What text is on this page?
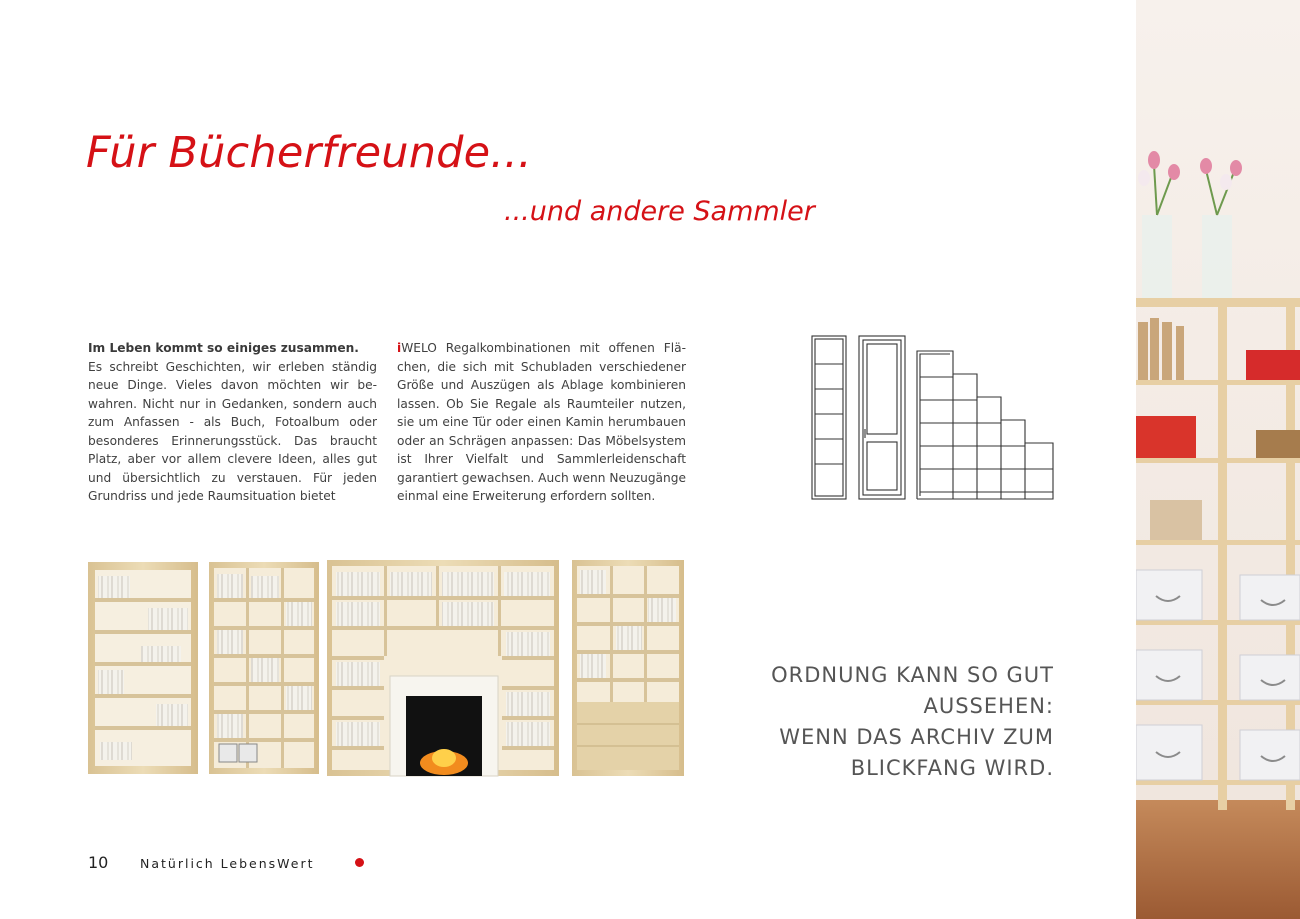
Für Bücherfreunde...
...und andere Sammler
Im Leben kommt so einiges zusammen.
Es schreibt Geschichten, wir erleben ständig neue Dinge. Vieles davon möchten wir bewahren. Nicht nur in Gedanken, sondern auch zum Anfassen - als Buch, Fotoalbum oder besonderes Erinnerungsstück. Das braucht Platz, aber vor allem clevere Ideen, alles gut und übersichtlich zu verstauen. Für jeden Grundriss und jede Raumsituation bietet
iWELO Regalkombinationen mit offenen Flächen, die sich mit Schubladen verschiedener Größe und Auszügen als Ablage kombinieren lassen. Ob Sie Regale als Raumteiler nutzen, sie um eine Tür oder einen Kamin herumbauen oder an Schrägen anpassen: Das Möbelsystem ist Ihrer Vielfalt und Sammlerleidenschaft garantiert gewachsen. Auch wenn Neuzugänge einmal eine Erweiterung erfordern sollten.
ORDNUNG KANN SO GUT
AUSSEHEN:
WENN DAS ARCHIV ZUM
BLICKFANG WIRD.
10	Natürlich LebensWert
